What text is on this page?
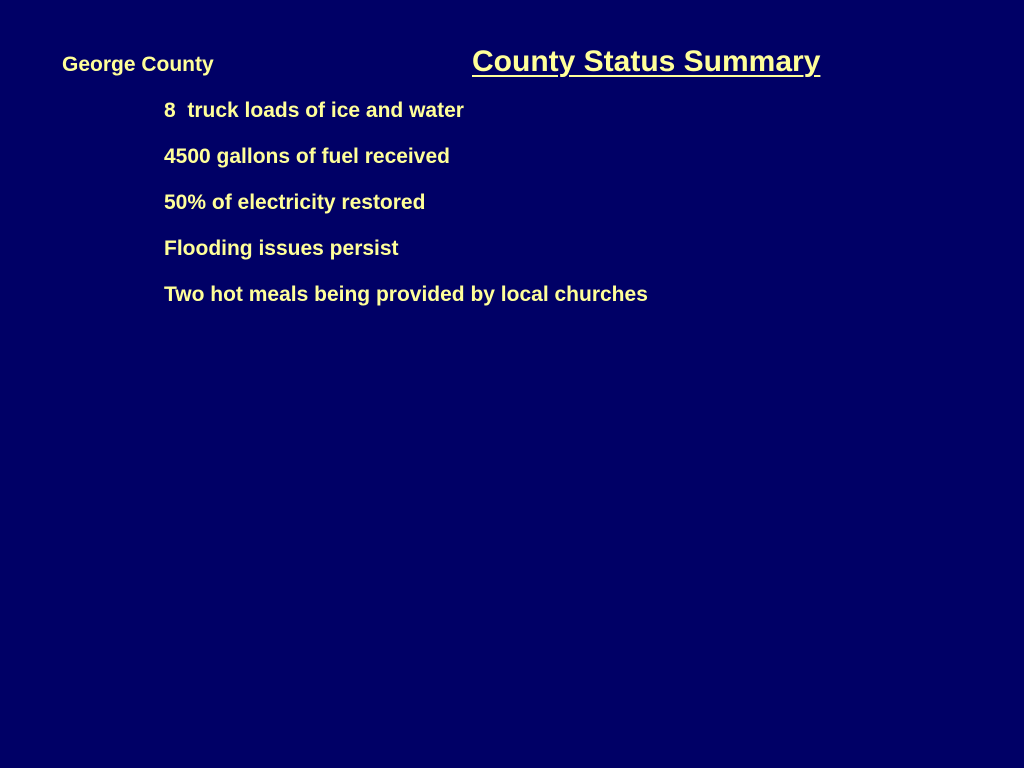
George County	County Status Summary
8  truck loads of ice and water
4500 gallons of fuel received
50% of electricity restored
Flooding issues persist
Two hot meals being provided by local churches
